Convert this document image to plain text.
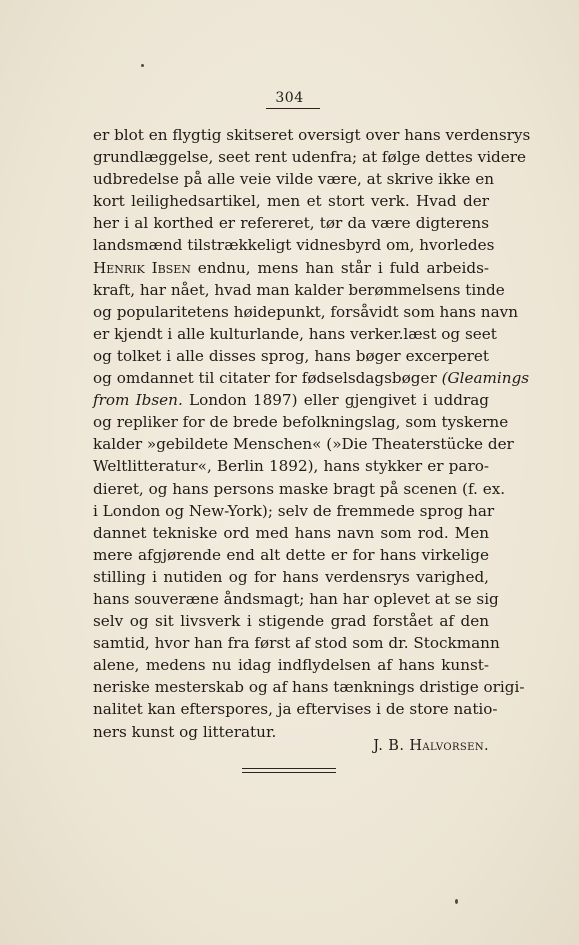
304

er blot en flygtig skitseret oversigt over hans verdensrys
grundlæggelse, seet rent udenfra; at følge dettes videre
udbredelse på alle veie vilde være, at skrive ikke en
kort leilighedsartikel, men et stort verk. Hvad der
her i al korthed er refereret, tør da være digterens
landsmænd tilstrækkeligt vidnesbyrd om, hvorledes
Henrik Ibsen endnu, mens han står i fuld arbeids-
kraft, har nået, hvad man kalder berømmelsens tinde
og popularitetens høidepunkt, forsåvidt som hans navn
er kjendt i alle kulturlande, hans verker.læst og seet
og tolket i alle disses sprog, hans bøger excerperet
og omdannet til citater for fødselsdagsbøger (Gleamings
from Ibsen. London 1897) eller gjengivet i uddrag
og repliker for de brede befolkningslag, som tyskerne
kalder »gebildete Menschen« (»Die Theaterstücke der
Weltlitteratur«, Berlin 1892), hans stykker er paro-
dieret, og hans persons maske bragt på scenen (f. ex.
i London og New-York); selv de fremmede sprog har
dannet tekniske ord med hans navn som rod. Men
mere afgjørende end alt dette er for hans virkelige
stilling i nutiden og for hans verdensrys varighed,
hans souveræne åndsmagt; han har oplevet at se sig
selv og sit livsverk i stigende grad forstået af den
samtid, hvor han fra først af stod som dr. Stockmann
alene, medens nu idag indflydelsen af hans kunst-
neriske mesterskab og af hans tænknings dristige origi-
nalitet kan efterspores, ja eftervises i de store natio-
ners kunst og litteratur.

J. B. Halvorsen.
